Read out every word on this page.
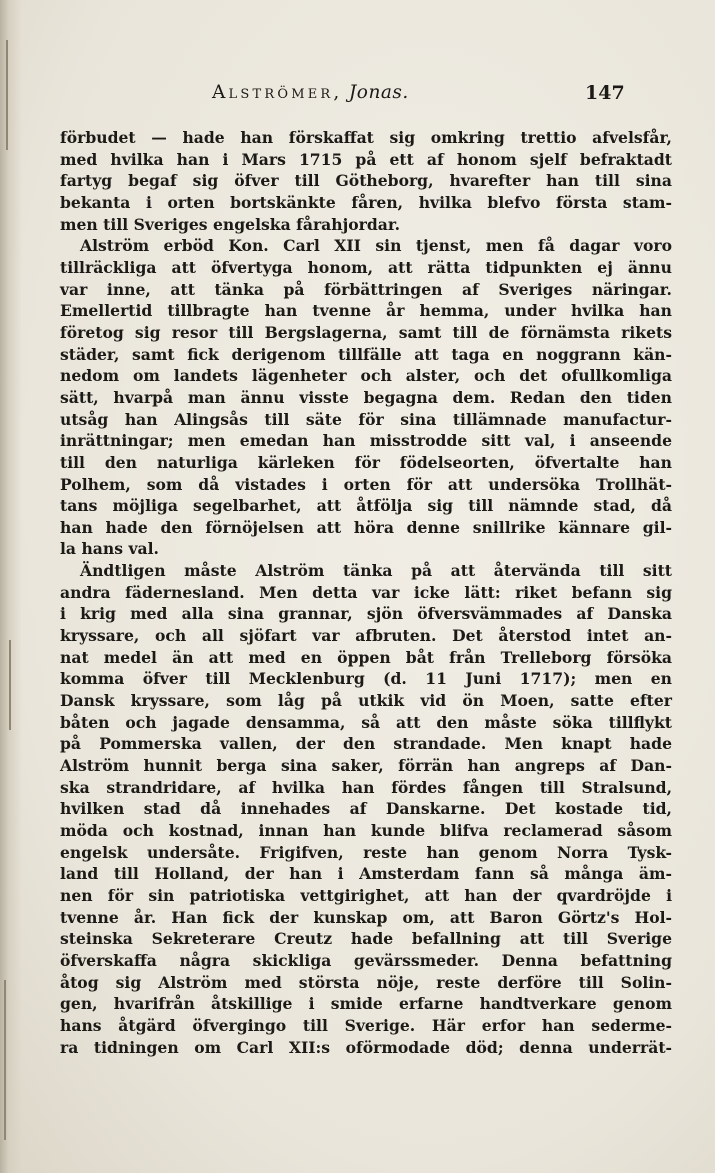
Alströmer, Jonas.	147
förbudet — hade han förskaffat sig omkring trettio afvelsfår,
med hvilka han i Mars 1715 på ett af honom sjelf befraktadt
fartyg begaf sig öfver till Götheborg, hvarefter han till sina
bekanta i orten bortskänkte fåren, hvilka blefvo första stam-
men till Sveriges engelska fårahjordar.
Alström erböd Kon. Carl XII sin tjenst, men få dagar voro
tillräckliga att öfvertyga honom, att rätta tidpunkten ej ännu
var inne, att tänka på förbättringen af Sveriges näringar.
Emellertid tillbragte han tvenne år hemma, under hvilka han
företog sig resor till Bergslagerna, samt till de förnämsta rikets
städer, samt fick derigenom tillfälle att taga en noggrann kän-
nedom om landets lägenheter och alster, och det ofullkomliga
sätt, hvarpå man ännu visste begagna dem. Redan den tiden
utsåg han Alingsås till säte för sina tillämnade manufactur-
inrättningar; men emedan han misstrodde sitt val, i anseende
till den naturliga kärleken för födelseorten, öfvertalte han
Polhem, som då vistades i orten för att undersöka Trollhät-
tans möjliga segelbarhet, att åtfölja sig till nämnde stad, då
han hade den förnöjelsen att höra denne snillrike kännare gil-
la hans val.
Ändtligen måste Alström tänka på att återvända till sitt
andra fädernesland. Men detta var icke lätt: riket befann sig
i krig med alla sina grannar, sjön öfversvämmades af Danska
kryssare, och all sjöfart var afbruten. Det återstod intet an-
nat medel än att med en öppen båt från Trelleborg försöka
komma öfver till Mecklenburg (d. 11 Juni 1717); men en
Dansk kryssare, som låg på utkik vid ön Moen, satte efter
båten och jagade densamma, så att den måste söka tillflykt
på Pommerska vallen, der den strandade. Men knapt hade
Alström hunnit berga sina saker, förrän han angreps af Dan-
ska strandridare, af hvilka han fördes fången till Stralsund,
hvilken stad då innehades af Danskarne. Det kostade tid,
möda och kostnad, innan han kunde blifva reclamerad såsom
engelsk undersåte. Frigifven, reste han genom Norra Tysk-
land till Holland, der han i Amsterdam fann så många äm-
nen för sin patriotiska vettgirighet, att han der qvardröjde i
tvenne år. Han fick der kunskap om, att Baron Görtz's Hol-
steinska Sekreterare Creutz hade befallning att till Sverige
öfverskaffa några skickliga gevärssmeder. Denna befattning
åtog sig Alström med största nöje, reste derföre till Solin-
gen, hvarifrån åtskillige i smide erfarne handtverkare genom
hans åtgärd öfvergingo till Sverige. Här erfor han sederme-
ra tidningen om Carl XII:s oförmodade död; denna underrät-
